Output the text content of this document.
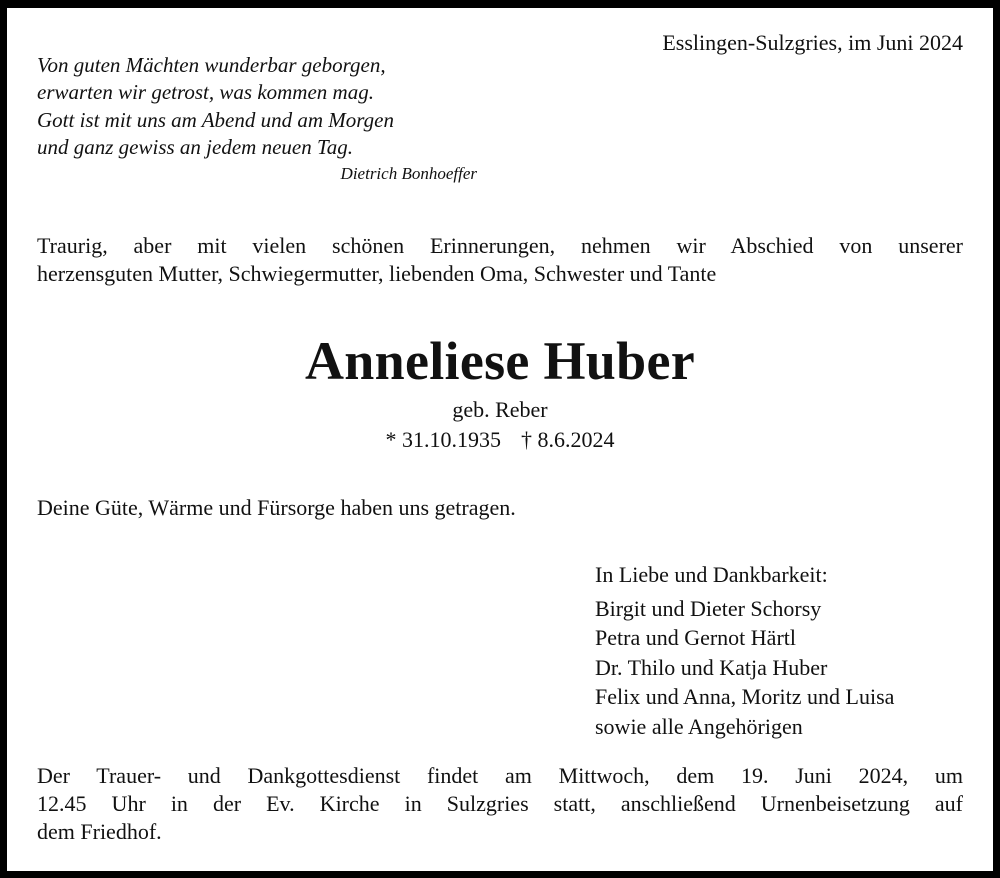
Esslingen-Sulzgries, im Juni 2024
Von guten Mächten wunderbar geborgen,
erwarten wir getrost, was kommen mag.
Gott ist mit uns am Abend und am Morgen
und ganz gewiss an jedem neuen Tag.
Dietrich Bonhoeffer
Traurig, aber mit vielen schönen Erinnerungen, nehmen wir Abschied von unserer
herzensguten Mutter, Schwiegermutter, liebenden Oma, Schwester und Tante
Anneliese Huber
geb. Reber
* 31.10.1935 † 8.6.2024
Deine Güte, Wärme und Fürsorge haben uns getragen.
In Liebe und Dankbarkeit:
Birgit und Dieter Schorsy
Petra und Gernot Härtl
Dr. Thilo und Katja Huber
Felix und Anna, Moritz und Luisa
sowie alle Angehörigen
Der Trauer- und Dankgottesdienst findet am Mittwoch, dem 19. Juni 2024, um
12.45 Uhr in der Ev. Kirche in Sulzgries statt, anschließend Urnenbeisetzung auf
dem Friedhof.
